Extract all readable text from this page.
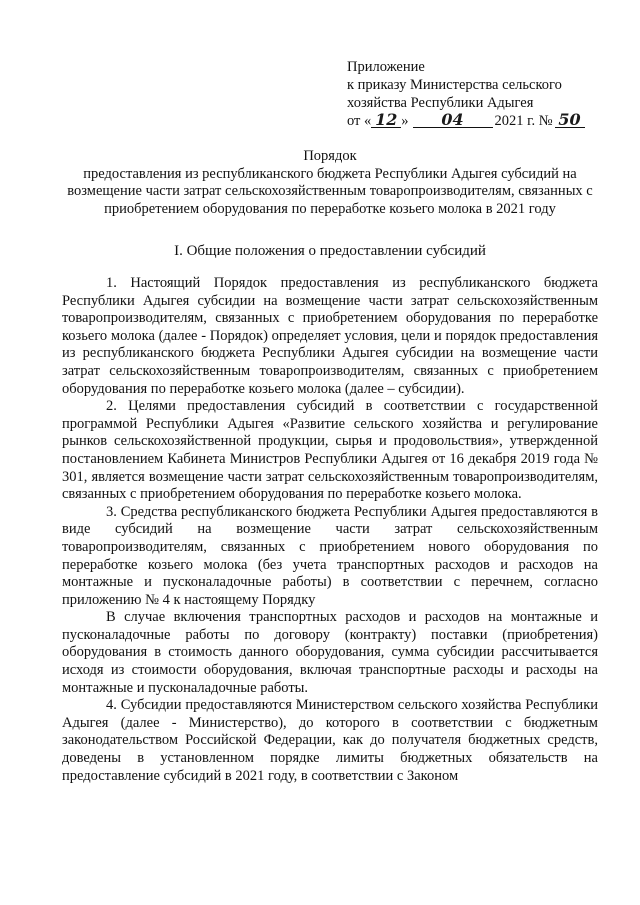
Приложение
к приказу Министерства сельского
хозяйства Республики Адыгея
от « 12 » 04 2021 г. № 50
Порядок
предоставления из республиканского бюджета Республики Адыгея субсидий на возмещение части затрат сельскохозяйственным товаропроизводителям, связанных с приобретением оборудования по переработке козьего молока в 2021 году
I. Общие положения о предоставлении субсидий

1. Настоящий Порядок предоставления из республиканского бюджета Республики Адыгея субсидии на возмещение части затрат сельскохозяйственным товаропроизводителям, связанных с приобретением оборудования по переработке козьего молока (далее - Порядок) определяет условия, цели и порядок предоставления из республиканского бюджета Республики Адыгея субсидии на возмещение части затрат сельскохозяйственным товаропроизводителям, связанных с приобретением оборудования по переработке козьего молока (далее – субсидии).

2. Целями предоставления субсидий в соответствии с государственной программой Республики Адыгея «Развитие сельского хозяйства и регулирование рынков сельскохозяйственной продукции, сырья и продовольствия», утвержденной постановлением Кабинета Министров Республики Адыгея от 16 декабря 2019 года № 301, является возмещение части затрат сельскохозяйственным товаропроизводителям, связанных с приобретением оборудования по переработке козьего молока.

3. Средства республиканского бюджета Республики Адыгея предоставляются в виде субсидий на возмещение части затрат сельскохозяйственным товаропроизводителям, связанных с приобретением нового оборудования по переработке козьего молока (без учета транспортных расходов и расходов на монтажные и пусконаладочные работы) в соответствии с перечнем, согласно приложению № 4 к настоящему Порядку

В случае включения транспортных расходов и расходов на монтажные и пусконаладочные работы по договору (контракту) поставки (приобретения) оборудования в стоимость данного оборудования, сумма субсидии рассчитывается исходя из стоимости оборудования, включая транспортные расходы и расходы на монтажные и пусконаладочные работы.

4. Субсидии предоставляются Министерством сельского хозяйства Республики Адыгея (далее - Министерство), до которого в соответствии с бюджетным законодательством Российской Федерации, как до получателя бюджетных средств, доведены в установленном порядке лимиты бюджетных обязательств на предоставление субсидий в 2021 году, в соответствии с Законом
